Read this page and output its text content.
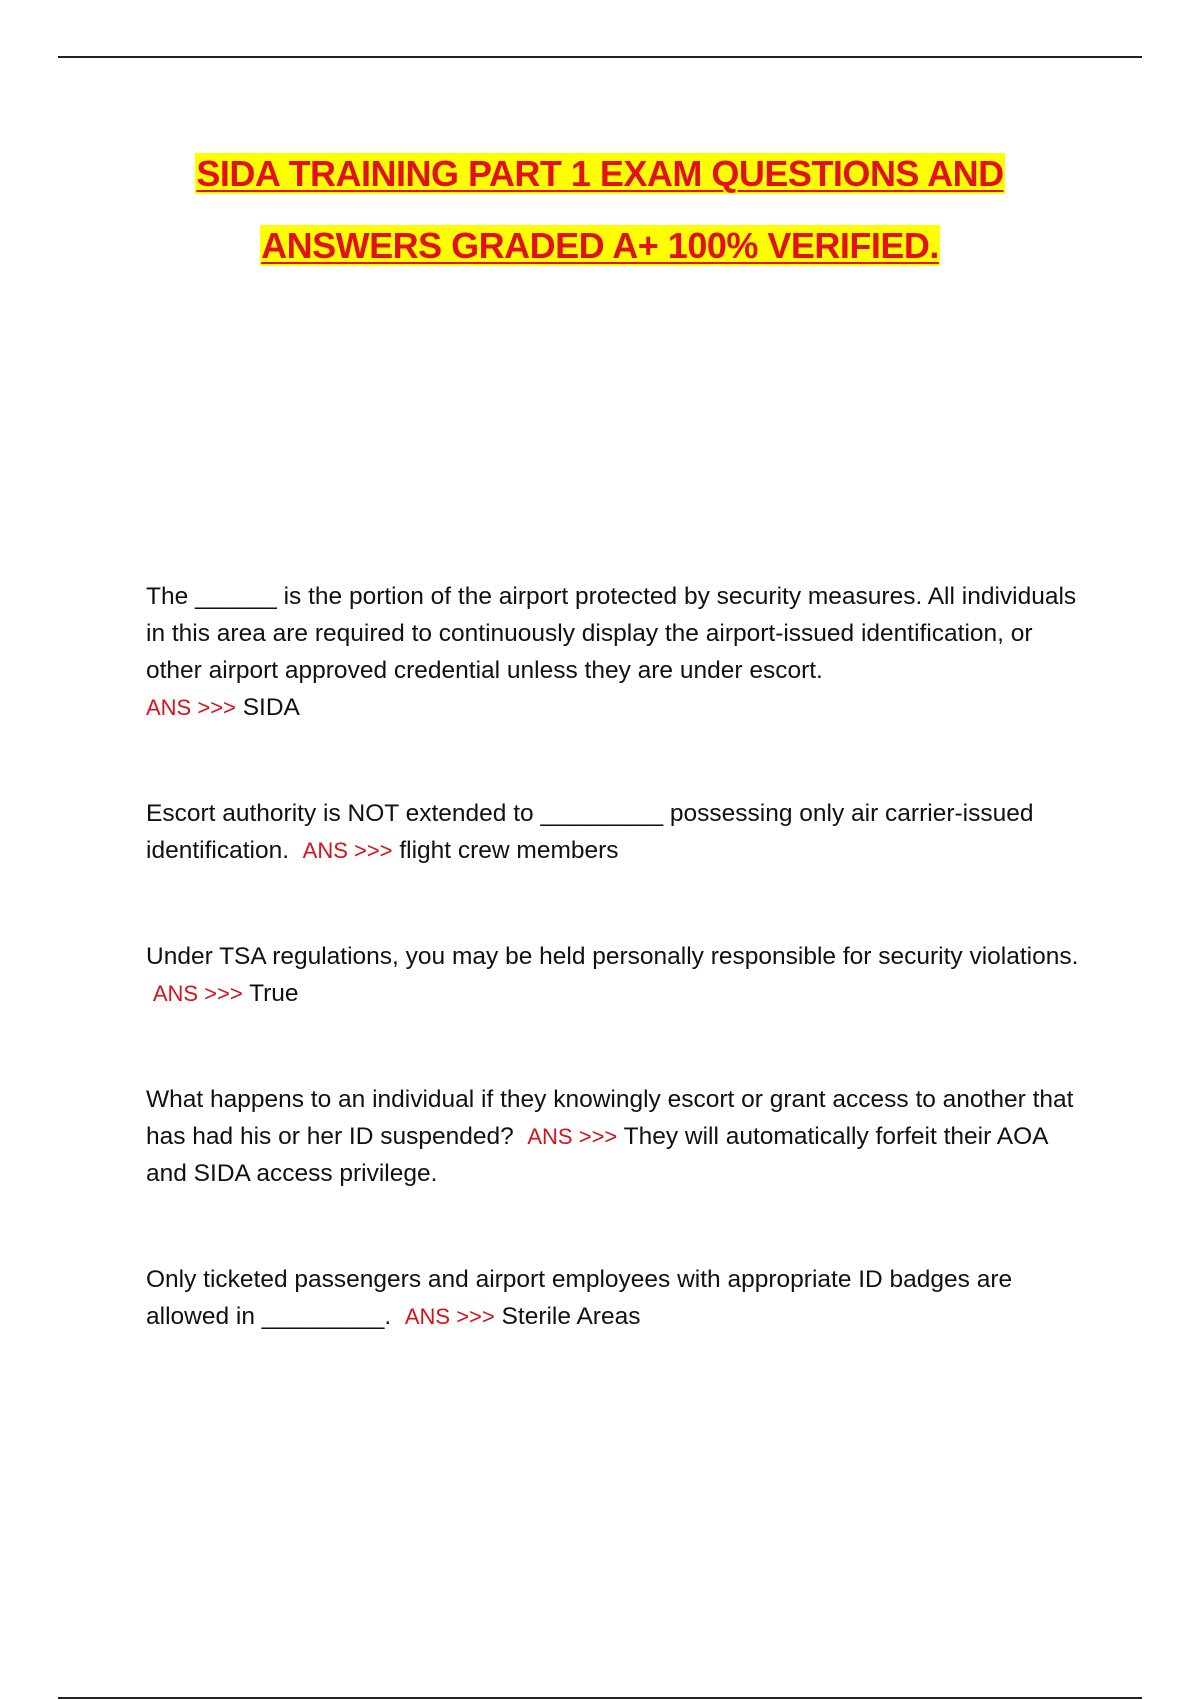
SIDA TRAINING PART 1 EXAM QUESTIONS AND
ANSWERS GRADED A+ 100% VERIFIED.

The ______ is the portion of the airport protected by security measures. All individuals in this area are required to continuously display the airport-issued identification, or other airport approved credential unless they are under escort.
ANS >>> SIDA

Escort authority is NOT extended to _________ possessing only air carrier-issued identification. ANS >>> flight crew members

Under TSA regulations, you may be held personally responsible for security violations.  ANS >>> True

What happens to an individual if they knowingly escort or grant access to another that has had his or her ID suspended? ANS >>> They will automatically forfeit their AOA and SIDA access privilege.

Only ticketed passengers and airport employees with appropriate ID badges are allowed in _________. ANS >>> Sterile Areas
